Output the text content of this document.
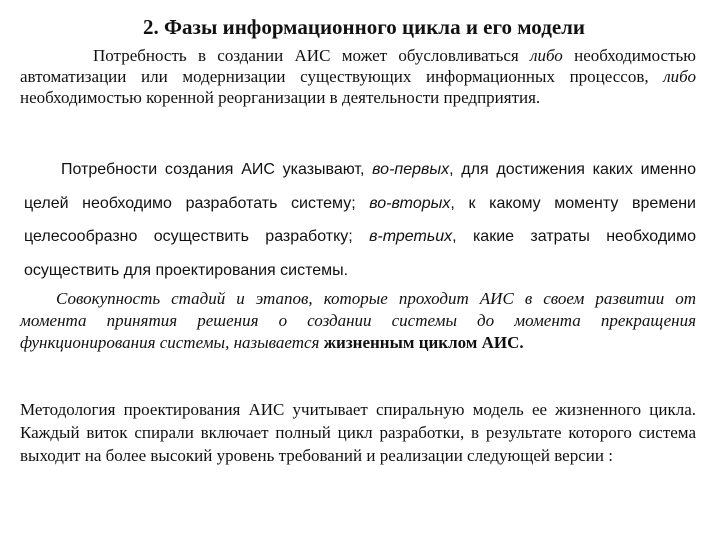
2. Фазы информационного цикла и его модели

Потребность в создании АИС может обусловливаться либо необходимостью автоматизации или модернизации существующих информационных процессов, либо необходимостью коренной реорганизации в деятельности предприятия.

Потребности создания АИС указывают, во-первых, для достижения каких именно целей необходимо разработать систему; во-вторых, к какому моменту времени целесообразно осуществить разработку; в-третьих, какие затраты необходимо осуществить для проектирования системы.

Совокупность стадий и этапов, которые проходит АИС в своем развитии от момента принятия решения о создании системы до момента прекращения функционирования системы, называется жизненным циклом АИС.

Методология проектирования АИС учитывает спиральную модель ее жизненного цикла. Каждый виток спирали включает полный цикл разработки, в результате которого система выходит на более высокий уровень требований и реализации следующей версии :
